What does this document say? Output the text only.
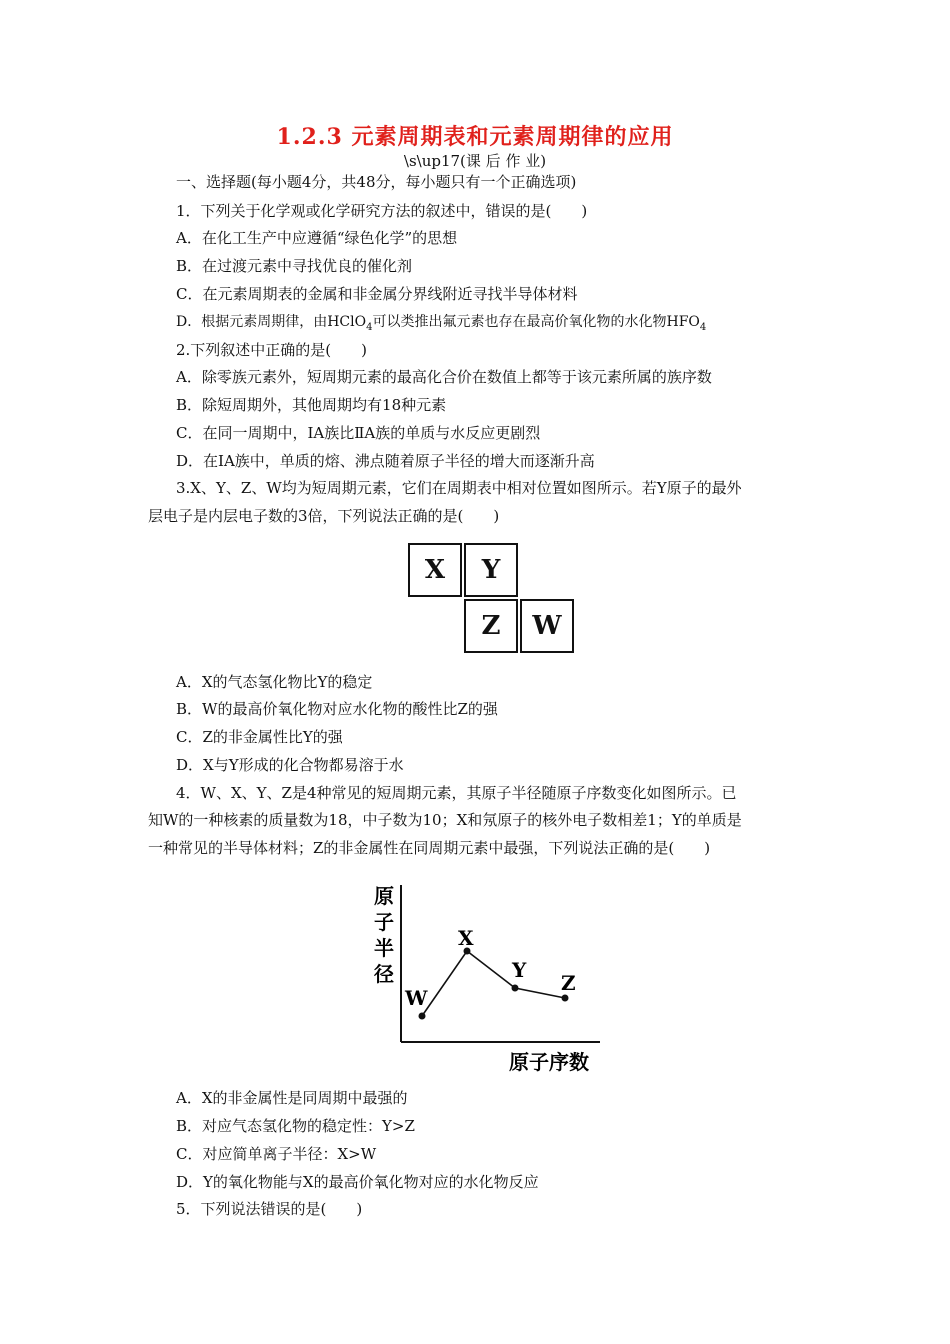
1.2.3 元素周期表和元素周期律的应用
\s\up17(课 后 作 业)
一、选择题(每小题4分，共48分，每小题只有一个正确选项)
1．下列关于化学观或化学研究方法的叙述中，错误的是(　　)
A．在化工生产中应遵循“绿色化学”的思想
B．在过渡元素中寻找优良的催化剂
C．在元素周期表的金属和非金属分界线附近寻找半导体材料
D．根据元素周期律，由HClO$_4$可以类推出氟元素也存在最高价氧化物的水化物$HFO_4$
2.下列叙述中正确的是(　　)
A．除零族元素外，短周期元素的最高化合价在数值上都等于该元素所属的族序数
B．除短周期外，其他周期均有18种元素
C．在同一周期中，ⅠA族比ⅡA族的单质与水反应更剧烈
D．在ⅠA族中，单质的熔、沸点随着原子半径的增大而逐渐升高
3.X、Y、Z、W均为短周期元素，它们在周期表中相对位置如图所示。若Y原子的最外
层电子是内层电子数的3倍，下列说法正确的是(　　)
X	Y
Z	W
A．X的气态氢化物比Y的稳定
B．W的最高价氧化物对应水化物的酸性比Z的强
C．Z的非金属性比Y的强
D．X与Y形成的化合物都易溶于水
4．W、X、Y、Z是4种常见的短周期元素，其原子半径随原子序数变化如图所示。已
知W的一种核素的质量数为18，中子数为10；X和氖原子的核外电子数相差1；Y的单质是
一种常见的半导体材料；Z的非金属性在同周期元素中最强，下列说法正确的是(　　)
原
子
半
径
W
X
Y
Z
原子序数
A．X的非金属性是同周期中最强的
B．对应气态氢化物的稳定性：Y>Z
C．对应简单离子半径：X>W
D．Y的氧化物能与X的最高价氧化物对应的水化物反应
5．下列说法错误的是(　　)
